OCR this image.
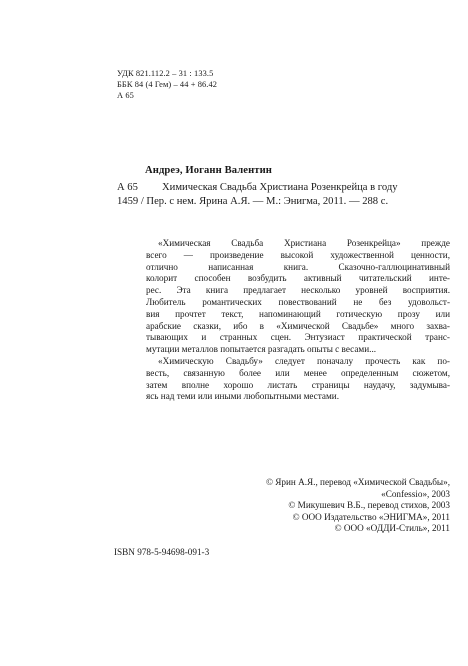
УДК 821.112.2 – 31 : 133.5
ББК 84 (4 Гем) – 44 + 86.42
А 65
Андреэ, Иоганн Валентин
А 65 Химическая Свадьба Христиана Розенкрейца в году
1459 / Пер. с нем. Ярина А.Я. — М.: Энигма, 2011. — 288 с.
«Химическая Свадьба Христиана Розенкрейца» прежде
всего — произведение высокой художественной ценности,
отлично написанная книга. Сказочно-галлюцинативный
колорит способен возбудить активный читательский инте-
рес. Эта книга предлагает несколько уровней восприятия.
Любитель романтических повествований не без удовольст-
вия прочтет текст, напоминающий готическую прозу или
арабские сказки, ибо в «Химической Свадьбе» много захва-
тывающих и странных сцен. Энтузиаст практической транс-
мутации металлов попытается разгадать опыты с весами...
«Химическую Свадьбу» следует поначалу прочесть как по-
весть, связанную более или менее определенным сюжетом,
затем вполне хорошо листать страницы наудачу, задумыва-
ясь над теми или иными любопытными местами.
© Ярин А.Я., перевод «Химической Свадьбы»,
«Confessio», 2003
© Микушевич В.Б., перевод стихов, 2003
© ООО Издательство «ЭНИГМА», 2011
© ООО «ОДДИ-Стиль», 2011
ISBN 978-5-94698-091-3
